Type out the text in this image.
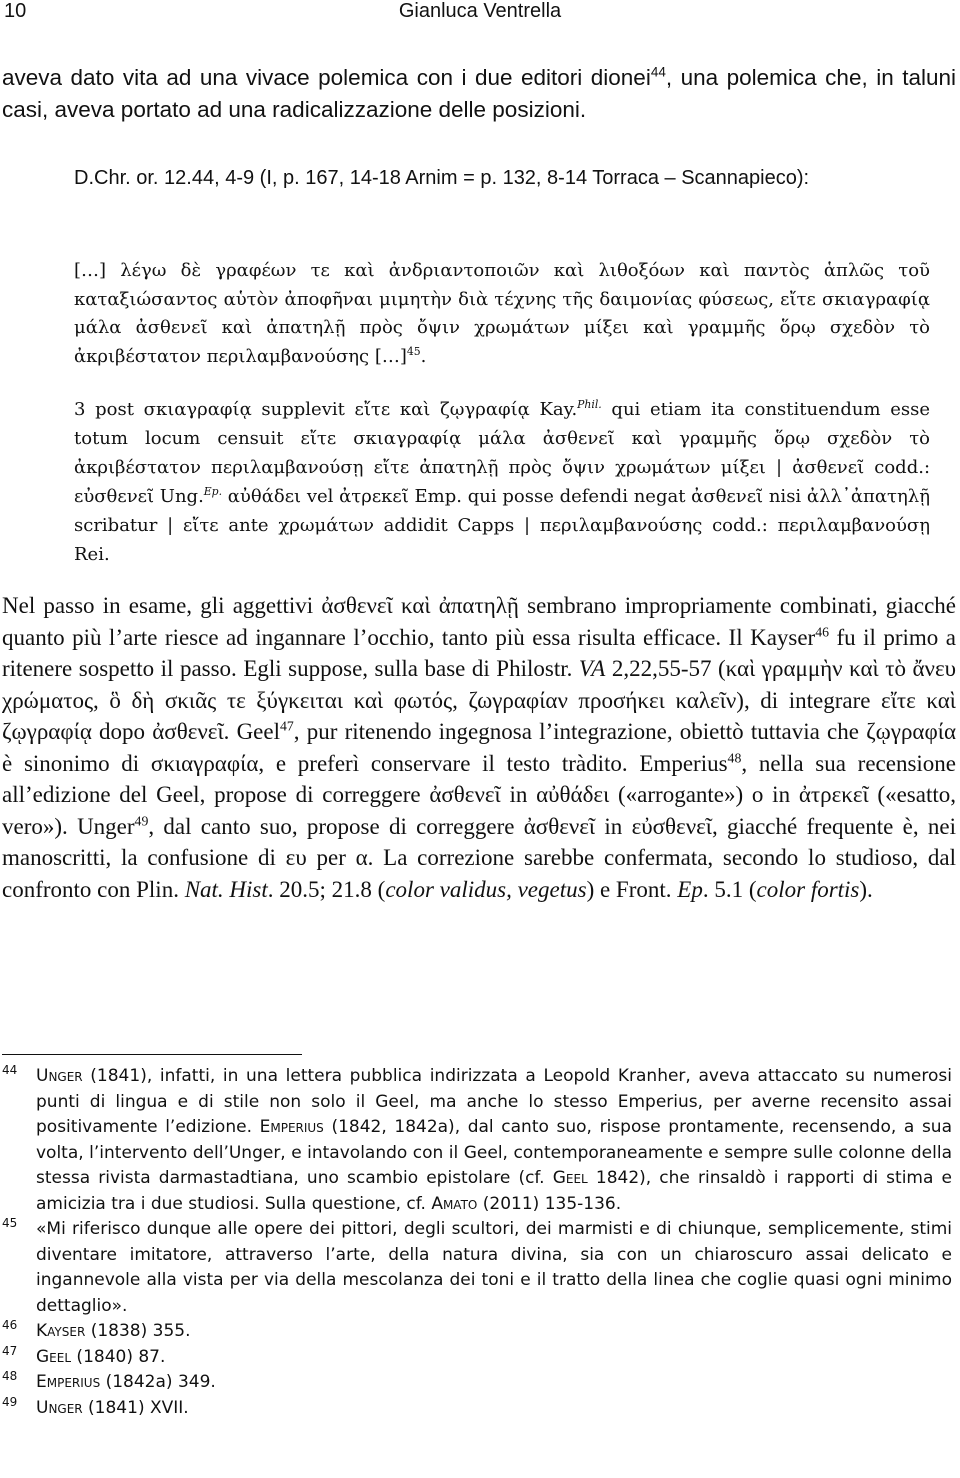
10	Gianluca Ventrella

aveva dato vita ad una vivace polemica con i due editori dionei$^{44}$, una polemica che, in taluni casi, aveva portato ad una radicalizzazione delle posizioni.

D.Chr. or. 12.44, 4-9 (I, p. 167, 14-18 Arnim = p. 132, 8-14 Torraca – Scannapieco):

[…] λέγω δὲ γραφέων τε καὶ ἀνδριαντοποιῶν καὶ λιθοξόων καὶ παντὸς ἁπλῶς τοῦ καταξιώσαντος αὑτὸν ἀποφῆναι μιμητὴν διὰ τέχνης τῆς δαιμονίας φύσεως, εἴτε σκιαγραφίᾳ μάλα ἀσθενεῖ καὶ ἀπατηλῇ πρὸς ὄψιν χρωμάτων μίξει καὶ γραμμῆς ὅρῳ σχεδὸν τὸ ἀκριβέστατον περιλαμβανούσης […]$^{45}$.

3 post σκιαγραφίᾳ supplevit εἴτε καὶ ζῳγραφίᾳ Kay.$^{Phil.}$ qui etiam ita constituendum esse totum locum censuit εἴτε σκιαγραφίᾳ μάλα ἀσθενεῖ καὶ γραμμῆς ὅρῳ σχεδὸν τὸ ἀκριβέστατον περιλαμβανούσῃ εἴτε ἀπατηλῇ πρὸς ὄψιν χρωμάτων μίξει | ἀσθενεῖ codd.: εὐσθενεῖ Ung.$^{Ep.}$ αὐθάδει vel ἀτρεκεῖ Emp. qui posse defendi negat ἀσθενεῖ nisi ἀλλ᾽ἀπατηλῇ scribatur | εἴτε ante χρωμάτων addidit Capps | περιλαμβανούσης codd.: περιλαμβανούσῃ Rei.

Nel passo in esame, gli aggettivi ἀσθενεῖ καὶ ἀπατηλῇ sembrano impropriamente combinati, giacché quanto più l’arte riesce ad ingannare l’occhio, tanto più essa risulta efficace. Il Kayser$^{46}$ fu il primo a ritenere sospetto il passo. Egli suppose, sulla base di Philostr. VA 2,22,55-57 (καὶ γραμμὴν καὶ τὸ ἄνευ χρώματος, ὃ δὴ σκιᾶς τε ξύγκειται καὶ φωτός, ζωγραφίαν προσήκει καλεῖν), di integrare εἴτε καὶ ζῳγραφίᾳ dopo ἀσθενεῖ. Geel$^{47}$, pur ritenendo ingegnosa l’integrazione, obiettò tuttavia che ζῳγραφία è sinonimo di σκιαγραφία, e preferì conservare il testo tràdito. Emperius$^{48}$, nella sua recensione all’edizione del Geel, propose di correggere ἀσθενεῖ in αὐθάδει («arrogante») o in ἀτρεκεῖ («esatto, vero»). Unger$^{49}$, dal canto suo, propose di correggere ἀσθενεῖ in εὐσθενεῖ, giacché frequente è, nei manoscritti, la confusione di ευ per α. La correzione sarebbe confermata, secondo lo studioso, dal confronto con Plin. Nat. Hist. 20.5; 21.8 (color validus, vegetus) e Front. Ep. 5.1 (color fortis).

44 Unger (1841), infatti, in una lettera pubblica indirizzata a Leopold Kranher, aveva attaccato su numerosi punti di lingua e di stile non solo il Geel, ma anche lo stesso Emperius, per averne recensito assai positivamente l’edizione. Emperius (1842, 1842a), dal canto suo, rispose prontamente, recensendo, a sua volta, l’intervento dell’Unger, e intavolando con il Geel, contemporaneamente e sempre sulle colonne della stessa rivista darmastadtiana, uno scambio epistolare (cf. Geel 1842), che rinsaldò i rapporti di stima e amicizia tra i due studiosi. Sulla questione, cf. Amato (2011) 135-136.

45 «Mi riferisco dunque alle opere dei pittori, degli scultori, dei marmisti e di chiunque, semplicemente, stimi diventare imitatore, attraverso l’arte, della natura divina, sia con un chiaroscuro assai delicato e ingannevole alla vista per via della mescolanza dei toni e il tratto della linea che coglie quasi ogni minimo dettaglio».

46 Kayser (1838) 355.

47 Geel (1840) 87.

48 Emperius (1842a) 349.

49 Unger (1841) XVII.
